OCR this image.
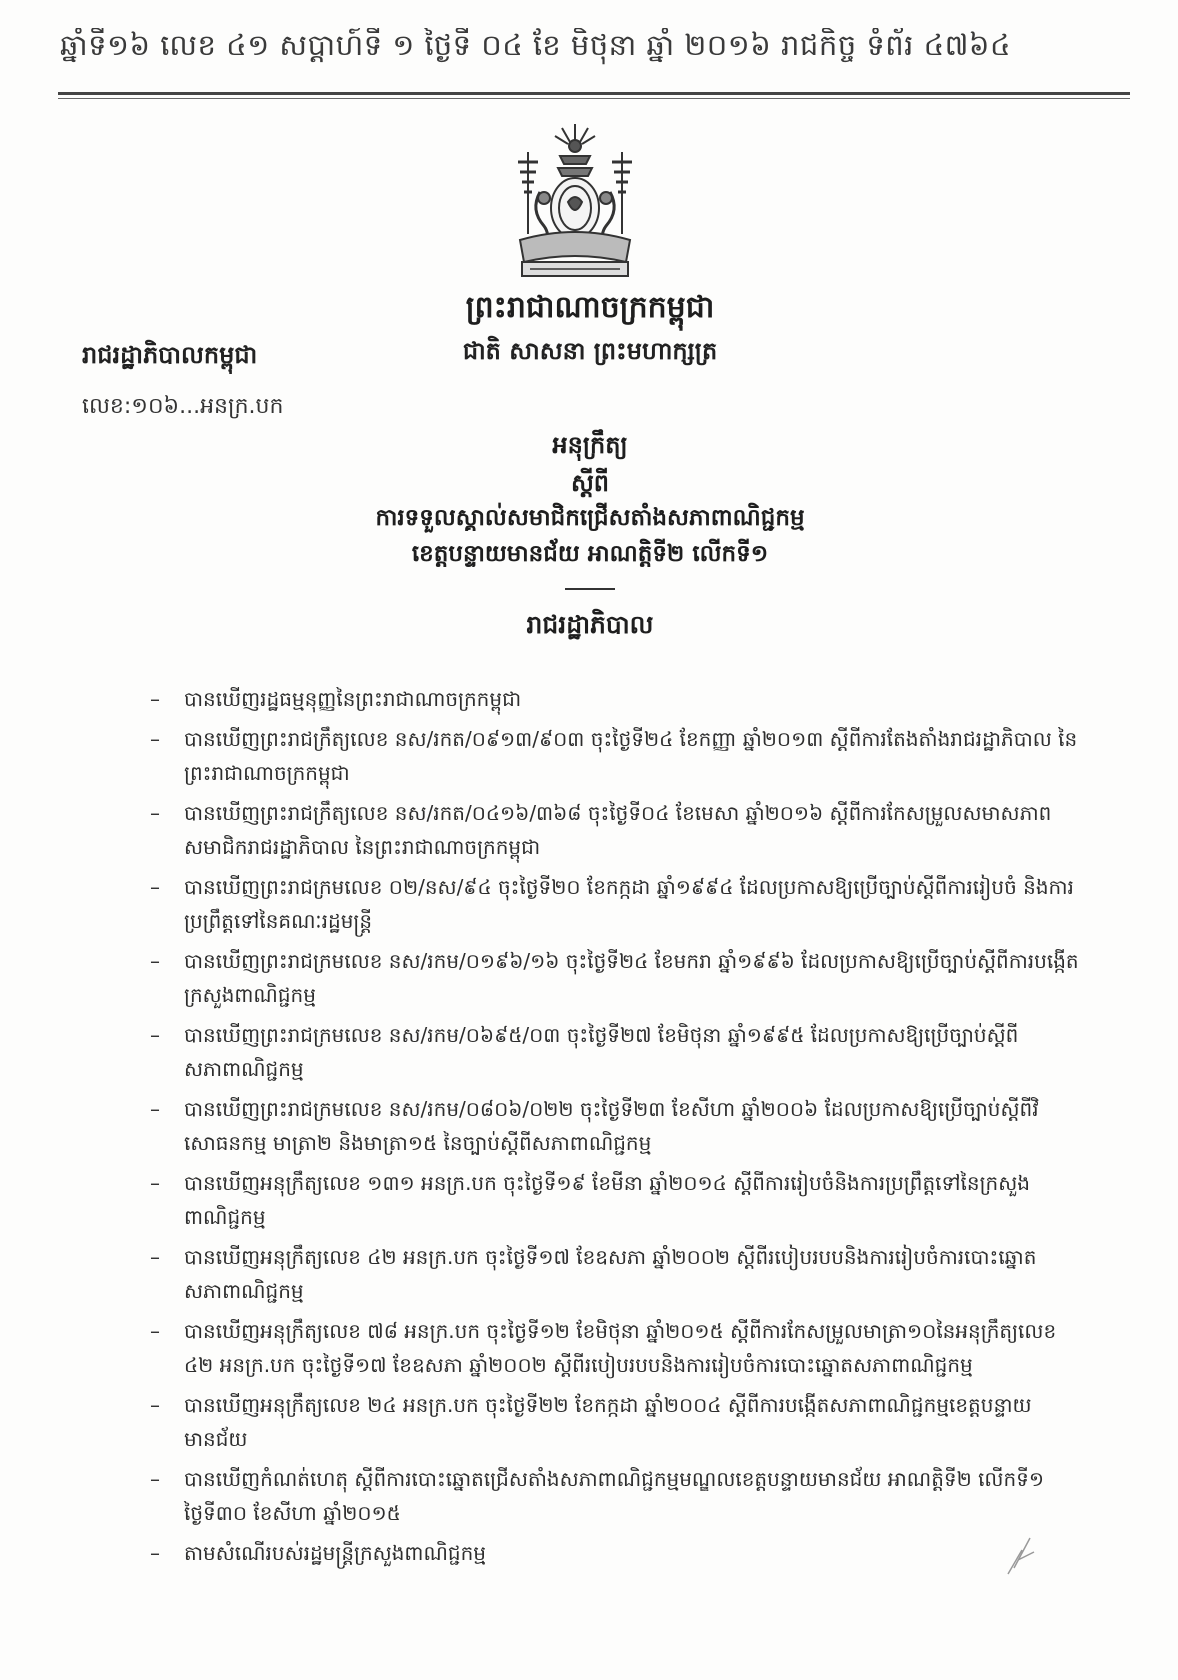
ឆ្នាំទី១៦ លេខ ៤១ សប្ដាហ៍ទី ១ ថ្ងៃទី ០៤ ខែ មិថុនា ឆ្នាំ ២០១៦ រាជកិច្ច ទំព័រ ៤៧៦៤
ព្រះរាជាណាចក្រកម្ពុជា
ជាតិ សាសនា ព្រះមហាក្សត្រ
រាជរដ្ឋាភិបាលកម្ពុជា
លេខ:១០៦...អនក្រ.បក
អនុក្រឹត្យ
ស្ដីពី
ការទទួលស្គាល់សមាជិកជ្រើសតាំងសភាពាណិជ្ជកម្ម
ខេត្តបន្ទាយមានជ័យ អាណត្តិទី២ លើកទី១
រាជរដ្ឋាភិបាល
– បានឃើញរដ្ឋធម្មនុញ្ញនៃព្រះរាជាណាចក្រកម្ពុជា
– បានឃើញព្រះរាជក្រឹត្យលេខ នស/រកត/០៩១៣/៩០៣ ចុះថ្ងៃទី២៤ ខែកញ្ញា ឆ្នាំ២០១៣ ស្ដីពីការតែងតាំងរាជរដ្ឋាភិបាល នៃព្រះរាជាណាចក្រកម្ពុជា
– បានឃើញព្រះរាជក្រឹត្យលេខ នស/រកត/០៤១៦/៣៦៨ ចុះថ្ងៃទី០៤ ខែមេសា ឆ្នាំ២០១៦ ស្ដីពីការកែសម្រួលសមាសភាពសមាជិករាជរដ្ឋាភិបាល នៃព្រះរាជាណាចក្រកម្ពុជា
– បានឃើញព្រះរាជក្រមលេខ ០២/នស/៩៤ ចុះថ្ងៃទី២០ ខែកក្កដា ឆ្នាំ១៩៩៤ ដែលប្រកាសឱ្យប្រើច្បាប់ស្ដីពីការរៀបចំ និងការប្រព្រឹត្តទៅនៃគណៈរដ្ឋមន្ត្រី
– បានឃើញព្រះរាជក្រមលេខ នស/រកម/០១៩៦/១៦ ចុះថ្ងៃទី២៤ ខែមករា ឆ្នាំ១៩៩៦ ដែលប្រកាសឱ្យប្រើច្បាប់ស្ដីពីការបង្កើតក្រសួងពាណិជ្ជកម្ម
– បានឃើញព្រះរាជក្រមលេខ នស/រកម/០៦៩៥/០៣ ចុះថ្ងៃទី២៧ ខែមិថុនា ឆ្នាំ១៩៩៥ ដែលប្រកាសឱ្យប្រើច្បាប់ស្ដីពីសភាពាណិជ្ជកម្ម
– បានឃើញព្រះរាជក្រមលេខ នស/រកម/០៨០៦/០២២ ចុះថ្ងៃទី២៣ ខែសីហា ឆ្នាំ២០០៦ ដែលប្រកាសឱ្យប្រើច្បាប់ស្ដីពីវិសោធនកម្ម មាត្រា២ និងមាត្រា១៥ នៃច្បាប់ស្ដីពីសភាពាណិជ្ជកម្ម
– បានឃើញអនុក្រឹត្យលេខ ១៣១ អនក្រ.បក ចុះថ្ងៃទី១៩ ខែមីនា ឆ្នាំ២០១៤ ស្ដីពីការរៀបចំនិងការប្រព្រឹត្តទៅនៃក្រសួងពាណិជ្ជកម្ម
– បានឃើញអនុក្រឹត្យលេខ ៤២ អនក្រ.បក ចុះថ្ងៃទី១៧ ខែឧសភា ឆ្នាំ២០០២ ស្ដីពីរបៀបរបបនិងការរៀបចំការបោះឆ្នោតសភាពាណិជ្ជកម្ម
– បានឃើញអនុក្រឹត្យលេខ ៧៨ អនក្រ.បក ចុះថ្ងៃទី១២ ខែមិថុនា ឆ្នាំ២០១៥ ស្ដីពីការកែសម្រួលមាត្រា១០នៃអនុក្រឹត្យលេខ ៤២ អនក្រ.បក ចុះថ្ងៃទី១៧ ខែឧសភា ឆ្នាំ២០០២ ស្ដីពីរបៀបរបបនិងការរៀបចំការបោះឆ្នោតសភាពាណិជ្ជកម្ម
– បានឃើញអនុក្រឹត្យលេខ ២៤ អនក្រ.បក ចុះថ្ងៃទី២២ ខែកក្កដា ឆ្នាំ២០០៤ ស្ដីពីការបង្កើតសភាពាណិជ្ជកម្មខេត្តបន្ទាយមានជ័យ
– បានឃើញកំណត់ហេតុ ស្ដីពីការបោះឆ្នោតជ្រើសតាំងសភាពាណិជ្ជកម្មមណ្ឌលខេត្តបន្ទាយមានជ័យ អាណត្តិទី២ លើកទី១ ថ្ងៃទី៣០ ខែសីហា ឆ្នាំ២០១៥
– តាមសំណើរបស់រដ្ឋមន្ត្រីក្រសួងពាណិជ្ជកម្ម
